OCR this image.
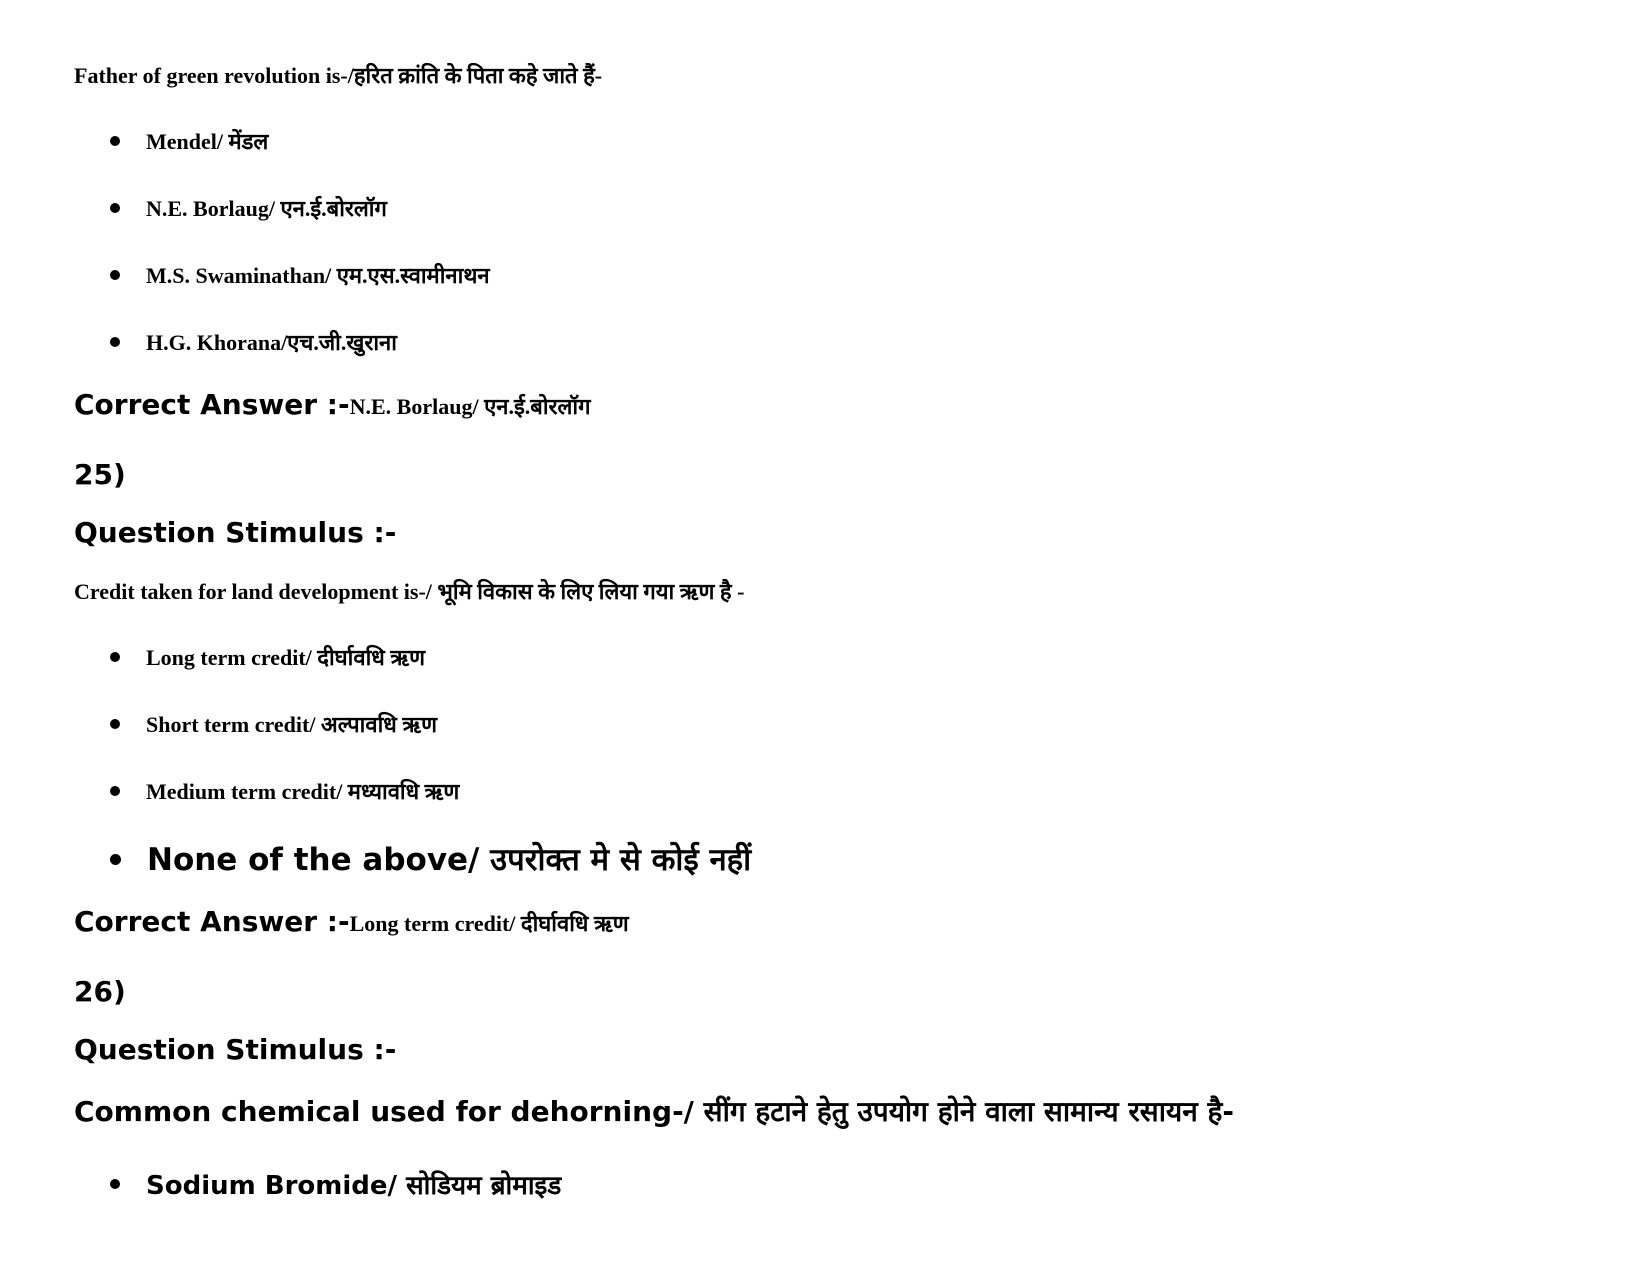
Father of green revolution is-/हरित क्रांति के पिता कहे जाते हैं-
Mendel/ मेंडल
N.E. Borlaug/ एन.ई.बोरलॉग
M.S. Swaminathan/ एम.एस.स्वामीनाथन
H.G. Khorana/एच.जी.खुराना
Correct Answer :-N.E. Borlaug/ एन.ई.बोरलॉग
25)
Question Stimulus :-
Credit taken for land development is-/ भूमि विकास के लिए लिया गया ऋण है -
Long term credit/ दीर्घावधि ऋण
Short term credit/ अल्पावधि ऋण
Medium term credit/ मध्यावधि ऋण
None of the above/ उपरोक्त मे से कोई नहीं
Correct Answer :-Long term credit/ दीर्घावधि ऋण
26)
Question Stimulus :-
Common chemical used for dehorning-/ सींग हटाने हेतु उपयोग होने वाला सामान्य रसायन है-
Sodium Bromide/ सोडियम ब्रोमाइड
